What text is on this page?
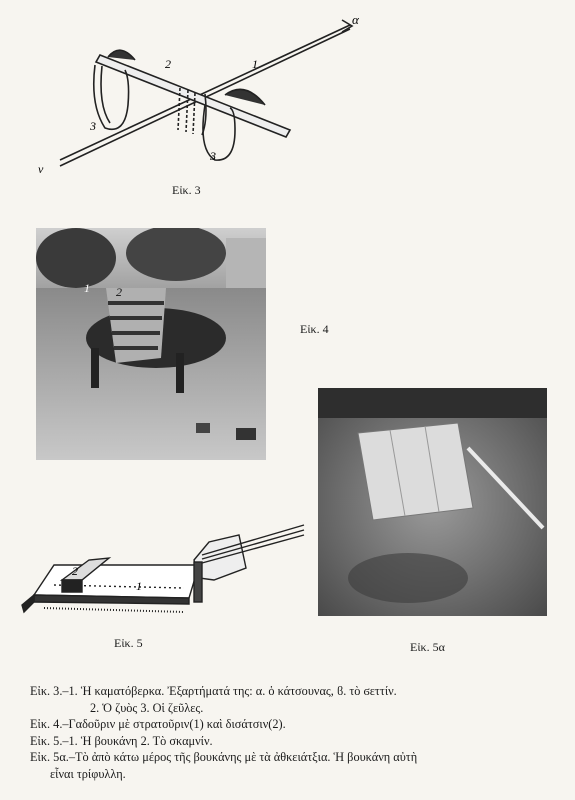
α
ν
1
2
3
3
Εἰκ. 3
1 2
Εἰκ. 4
1
2
Εἰκ. 5	Εἰκ. 5α

Εἰκ. 3.–1. Ἡ καματόβερκα. Ἐξαρτήματά της: α. ὁ κάτσουνας, ϐ. τὸ ϭεττίν.

2. Ὁ ζυὸς 3. Οἱ ζεῦλες.

Εἰκ. 4.–Γαδοῦριν μὲ στρατοῦριν(1) καὶ δισάτσιν(2).

Εἰκ. 5.–1. Ἡ βουκάνη 2. Τὸ σκαμνίν.

Εἰκ. 5α.–Τὸ ἀπὸ κάτω μέρος τῆς βουκάνης μὲ τὰ ἀθκειάτξια. Ἡ βουκάνη αὐτὴ

εἶναι τρίφυλλη.
